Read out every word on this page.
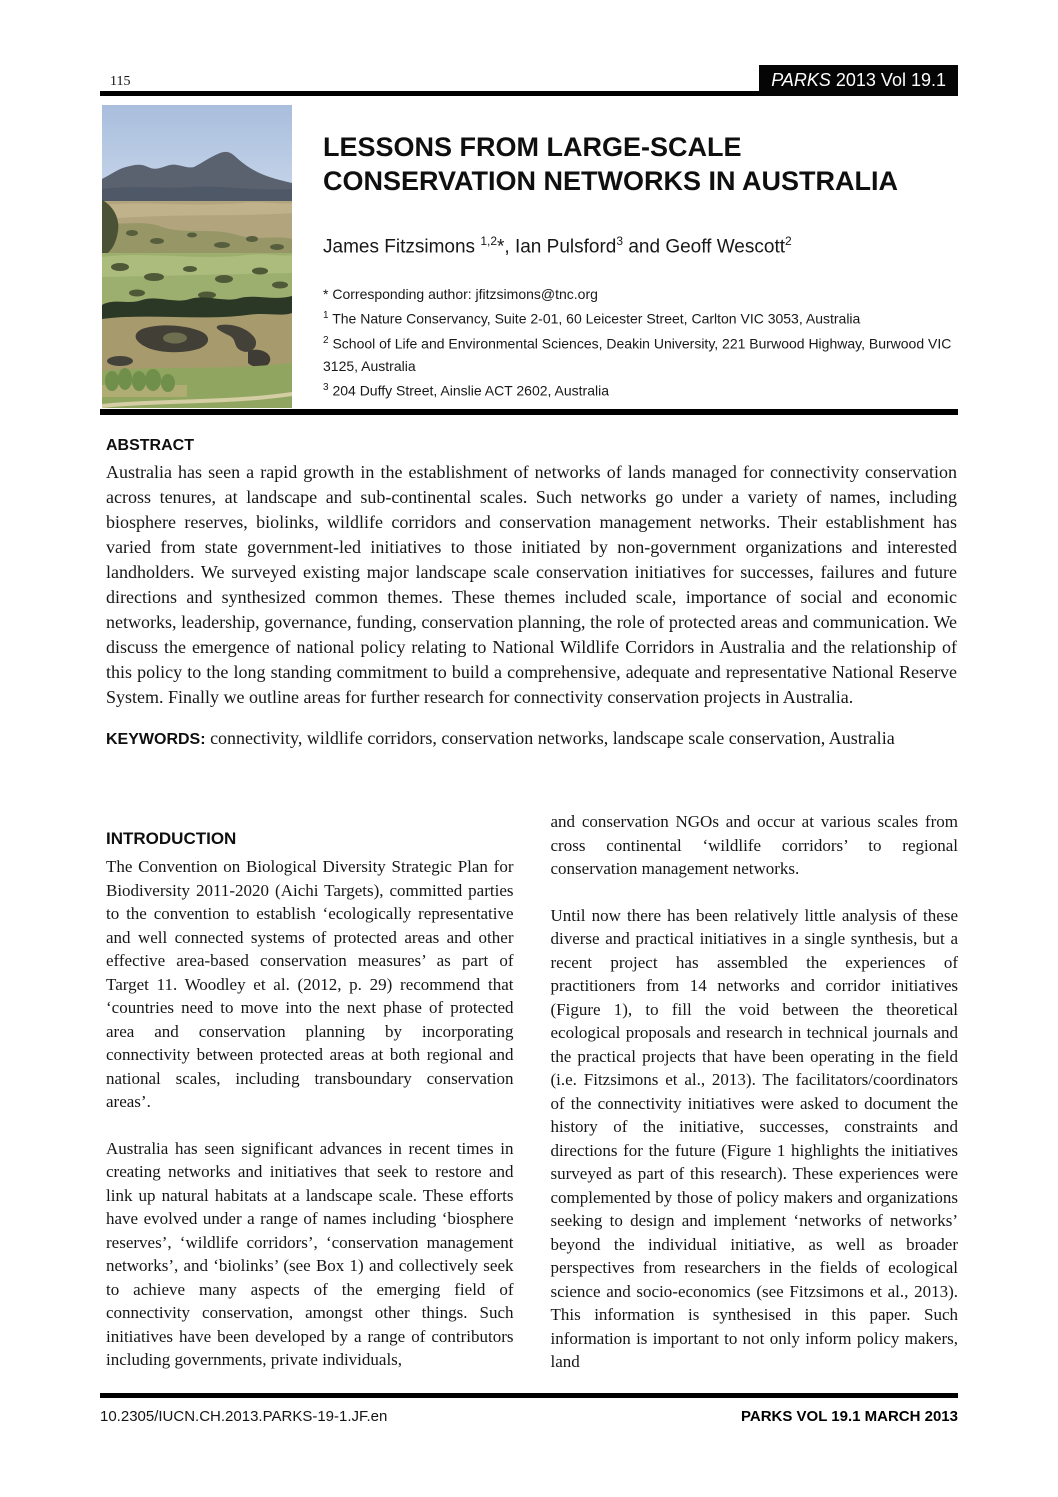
115	PARKS 2013 Vol 19.1
LESSONS FROM LARGE-SCALE CONSERVATION NETWORKS IN AUSTRALIA

James Fitzsimons $^{1,2}$*, Ian Pulsford$^3$ and Geoff Wescott$^2$

* Corresponding author: jfitzsimons@tnc.org
$^1$ The Nature Conservancy, Suite 2-01, 60 Leicester Street, Carlton VIC 3053, Australia
$^2$ School of Life and Environmental Sciences, Deakin University, 221 Burwood Highway, Burwood VIC 3125, Australia
$^3$ 204 Duffy Street, Ainslie ACT 2602, Australia
ABSTRACT

Australia has seen a rapid growth in the establishment of networks of lands managed for connectivity conservation across tenures, at landscape and sub-continental scales. Such networks go under a variety of names, including biosphere reserves, biolinks, wildlife corridors and conservation management networks. Their establishment has varied from state government-led initiatives to those initiated by non-government organizations and interested landholders. We surveyed existing major landscape scale conservation initiatives for successes, failures and future directions and synthesized common themes. These themes included scale, importance of social and economic networks, leadership, governance, funding, conservation planning, the role of protected areas and communication. We discuss the emergence of national policy relating to National Wildlife Corridors in Australia and the relationship of this policy to the long standing commitment to build a comprehensive, adequate and representative National Reserve System. Finally we outline areas for further research for connectivity conservation projects in Australia.

KEYWORDS: connectivity, wildlife corridors, conservation networks, landscape scale conservation, Australia

INTRODUCTION

The Convention on Biological Diversity Strategic Plan for Biodiversity 2011-2020 (Aichi Targets), committed parties to the convention to establish ‘ecologically representative and well connected systems of protected areas and other effective area-based conservation measures’ as part of Target 11. Woodley et al. (2012, p. 29) recommend that ‘countries need to move into the next phase of protected area and conservation planning by incorporating connectivity between protected areas at both regional and national scales, including transboundary conservation areas’.

Australia has seen significant advances in recent times in creating networks and initiatives that seek to restore and link up natural habitats at a landscape scale. These efforts have evolved under a range of names including ‘biosphere reserves’, ‘wildlife corridors’, ‘conservation management networks’, and ‘biolinks’ (see Box 1) and collectively seek to achieve many aspects of the emerging field of connectivity conservation, amongst other things. Such initiatives have been developed by a range of contributors including governments, private individuals,

and conservation NGOs and occur at various scales from cross continental ‘wildlife corridors’ to regional conservation management networks.

Until now there has been relatively little analysis of these diverse and practical initiatives in a single synthesis, but a recent project has assembled the experiences of practitioners from 14 networks and corridor initiatives (Figure 1), to fill the void between the theoretical ecological proposals and research in technical journals and the practical projects that have been operating in the field (i.e. Fitzsimons et al., 2013). The facilitators/coordinators of the connectivity initiatives were asked to document the history of the initiative, successes, constraints and directions for the future (Figure 1 highlights the initiatives surveyed as part of this research). These experiences were complemented by those of policy makers and organizations seeking to design and implement ‘networks of networks’ beyond the individual initiative, as well as broader perspectives from researchers in the fields of ecological science and socio-economics (see Fitzsimons et al., 2013). This information is synthesised in this paper. Such information is important to not only inform policy makers, land

10.2305/IUCN.CH.2013.PARKS-19-1.JF.en	PARKS VOL 19.1 MARCH 2013
